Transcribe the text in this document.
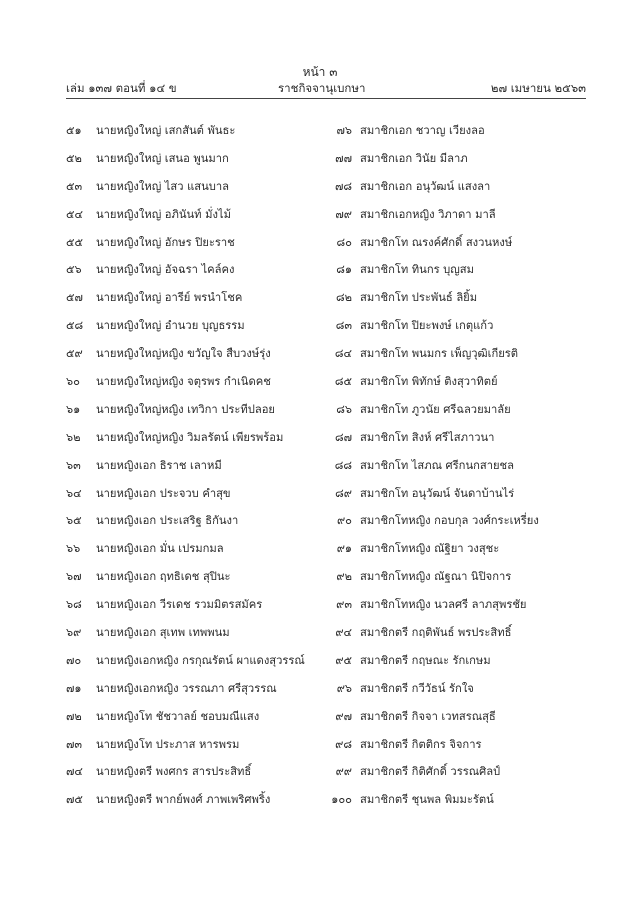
หน้า ๓
เล่ม ๑๓๗ ตอนที่ ๑๔ ข	ราชกิจจานุเบกษา	๒๗ เมษายน ๒๕๖๓
๕๑	นายหญิงใหญ่ เสกสันต์ พันธะ
๕๒	นายหญิงใหญ่ เสนอ พูนมาก
๕๓	นายหญิงใหญ่ ไสว แสนบาล
๕๔	นายหญิงใหญ่ อภินันท์ มั่งไม้
๕๕	นายหญิงใหญ่ อักษร ปิยะราช
๕๖	นายหญิงใหญ่ อัจฉรา ไคล์คง
๕๗	นายหญิงใหญ่ อารีย์ พรนำโชค
๕๘	นายหญิงใหญ่ อำนวย บุญธรรม
๕๙	นายหญิงใหญ่หญิง ขวัญใจ สืบวงษ์รุ่ง
๖๐	นายหญิงใหญ่หญิง จตุรพร กำเนิดคช
๖๑	นายหญิงใหญ่หญิง เทวิกา ประทีปลอย
๖๒	นายหญิงใหญ่หญิง วิมลรัตน์ เพียรพร้อม
๖๓	นายหญิงเอก ธิราช เลาหมี
๖๔	นายหญิงเอก ประจวบ คำสุข
๖๕	นายหญิงเอก ประเสริฐ ธิกันงา
๖๖	นายหญิงเอก มั่น เปรมกมล
๖๗	นายหญิงเอก ฤทธิเดช สุปินะ
๖๘	นายหญิงเอก วีรเดช รวมมิตรสมัคร
๖๙	นายหญิงเอก สุเทพ เทพพนม
๗๐	นายหญิงเอกหญิง กรกุณรัตน์ ผาแดงสุวรรณ์
๗๑	นายหญิงเอกหญิง วรรณภา ศรีสุวรรณ
๗๒	นายหญิงโท ชัชวาลย์ ชอบมณีแสง
๗๓	นายหญิงโท ประภาส หารพรม
๗๔	นายหญิงตรี พงศกร สารประสิทธิ์
๗๕	นายหญิงตรี พากย์พงศ์ ภาพเพริศพริ้ง
๗๖ สมาชิกเอก ชวาญ เวียงลอ
๗๗ สมาชิกเอก วินัย มีลาภ
๗๘ สมาชิกเอก อนุวัฒน์ แสงลา
๗๙ สมาชิกเอกหญิง วิภาดา มาลี
๘๐ สมาชิกโท ณรงค์ศักดิ์ สงวนหงษ์
๘๑ สมาชิกโท ทินกร บุญสม
๘๒ สมาชิกโท ประพันธ์ ลิยิ้ม
๘๓ สมาชิกโท ปิยะพงษ์ เกตุแก้ว
๘๔ สมาชิกโท พนมกร เพ็ญวุฒิเกียรติ
๘๕ สมาชิกโท พิทักษ์ ติงสุวาทิตย์
๘๖ สมาชิกโท ภูวนัย ศรีฉลวยมาลัย
๘๗ สมาชิกโท สิงห์ ศรีไสภาวนา
๘๘ สมาชิกโท ไสภณ ศรีกนกสายชล
๘๙ สมาชิกโท อนุวัฒน์ จันดาบ้านไร่
๙๐ สมาชิกโทหญิง กอบกุล วงศ์กระเหรี่ยง
๙๑ สมาชิกโทหญิง ณัฐิยา วงสุชะ
๙๒ สมาชิกโทหญิง ณัฐณา นิปิจการ
๙๓ สมาชิกโทหญิง นวลศรี ลาภสุพรชัย
๙๔ สมาชิกตรี กฤติพันธ์ พรประสิทธิ์
๙๕ สมาชิกตรี กฤษณะ รักเกษม
๙๖ สมาชิกตรี กวีวัธน์ รักใจ
๙๗ สมาชิกตรี กิจจา เวทสรณสุธี
๙๘ สมาชิกตรี กิตติกร จิจการ
๙๙ สมาชิกตรี กิติศักดิ์ วรรณศิลป์
๑๐๐ สมาชิกตรี ชุนพล พิมมะรัตน์
